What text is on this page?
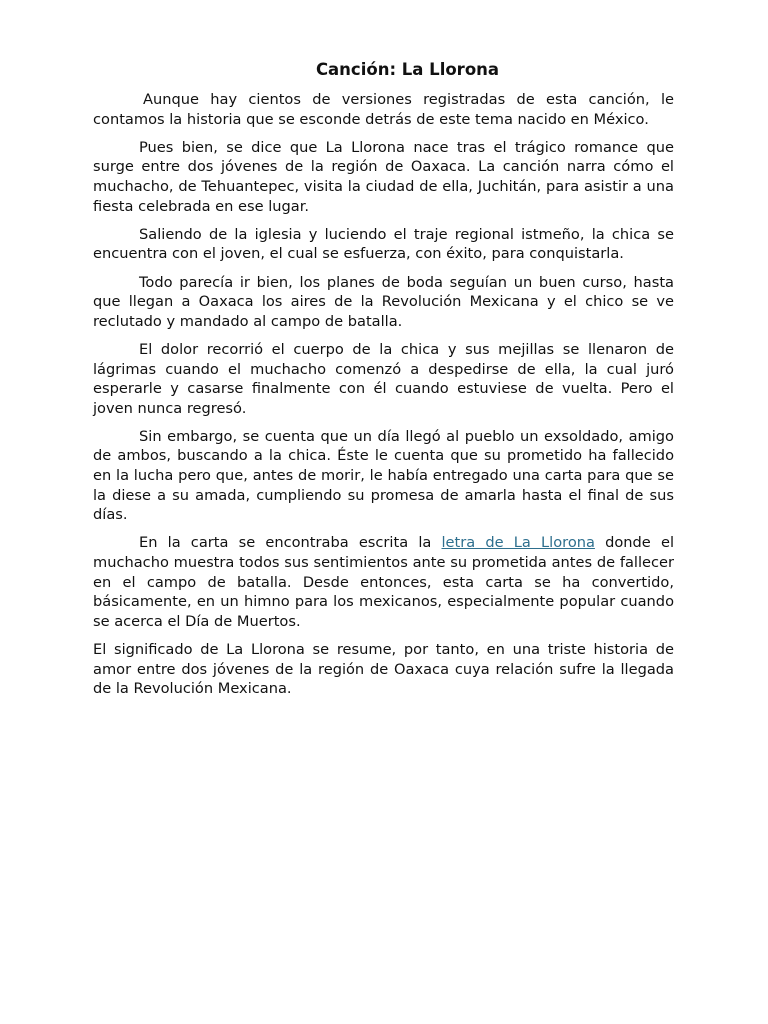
Canción: La Llorona

Aunque hay cientos de versiones registradas de esta canción, le contamos la historia que se esconde detrás de este tema nacido en México.

Pues bien, se dice que La Llorona nace tras el trágico romance que surge entre dos jóvenes de la región de Oaxaca. La canción narra cómo el muchacho, de Tehuantepec, visita la ciudad de ella, Juchitán, para asistir a una fiesta celebrada en ese lugar.

Saliendo de la iglesia y luciendo el traje regional istmeño, la chica se encuentra con el joven, el cual se esfuerza, con éxito, para conquistarla.

Todo parecía ir bien, los planes de boda seguían un buen curso, hasta que llegan a Oaxaca los aires de la Revolución Mexicana y el chico se ve reclutado y mandado al campo de batalla.

El dolor recorrió el cuerpo de la chica y sus mejillas se llenaron de lágrimas cuando el muchacho comenzó a despedirse de ella, la cual juró esperarle y casarse finalmente con él cuando estuviese de vuelta. Pero el joven nunca regresó.

Sin embargo, se cuenta que un día llegó al pueblo un exsoldado, amigo de ambos, buscando a la chica. Éste le cuenta que su prometido ha fallecido en la lucha pero que, antes de morir, le había entregado una carta para que se la diese a su amada, cumpliendo su promesa de amarla hasta el final de sus días.

En la carta se encontraba escrita la letra de La Llorona donde el muchacho muestra todos sus sentimientos ante su prometida antes de fallecer en el campo de batalla. Desde entonces, esta carta se ha convertido, básicamente, en un himno para los mexicanos, especialmente popular cuando se acerca el Día de Muertos.

El significado de La Llorona se resume, por tanto, en una triste historia de amor entre dos jóvenes de la región de Oaxaca cuya relación sufre la llegada de la Revolución Mexicana.
